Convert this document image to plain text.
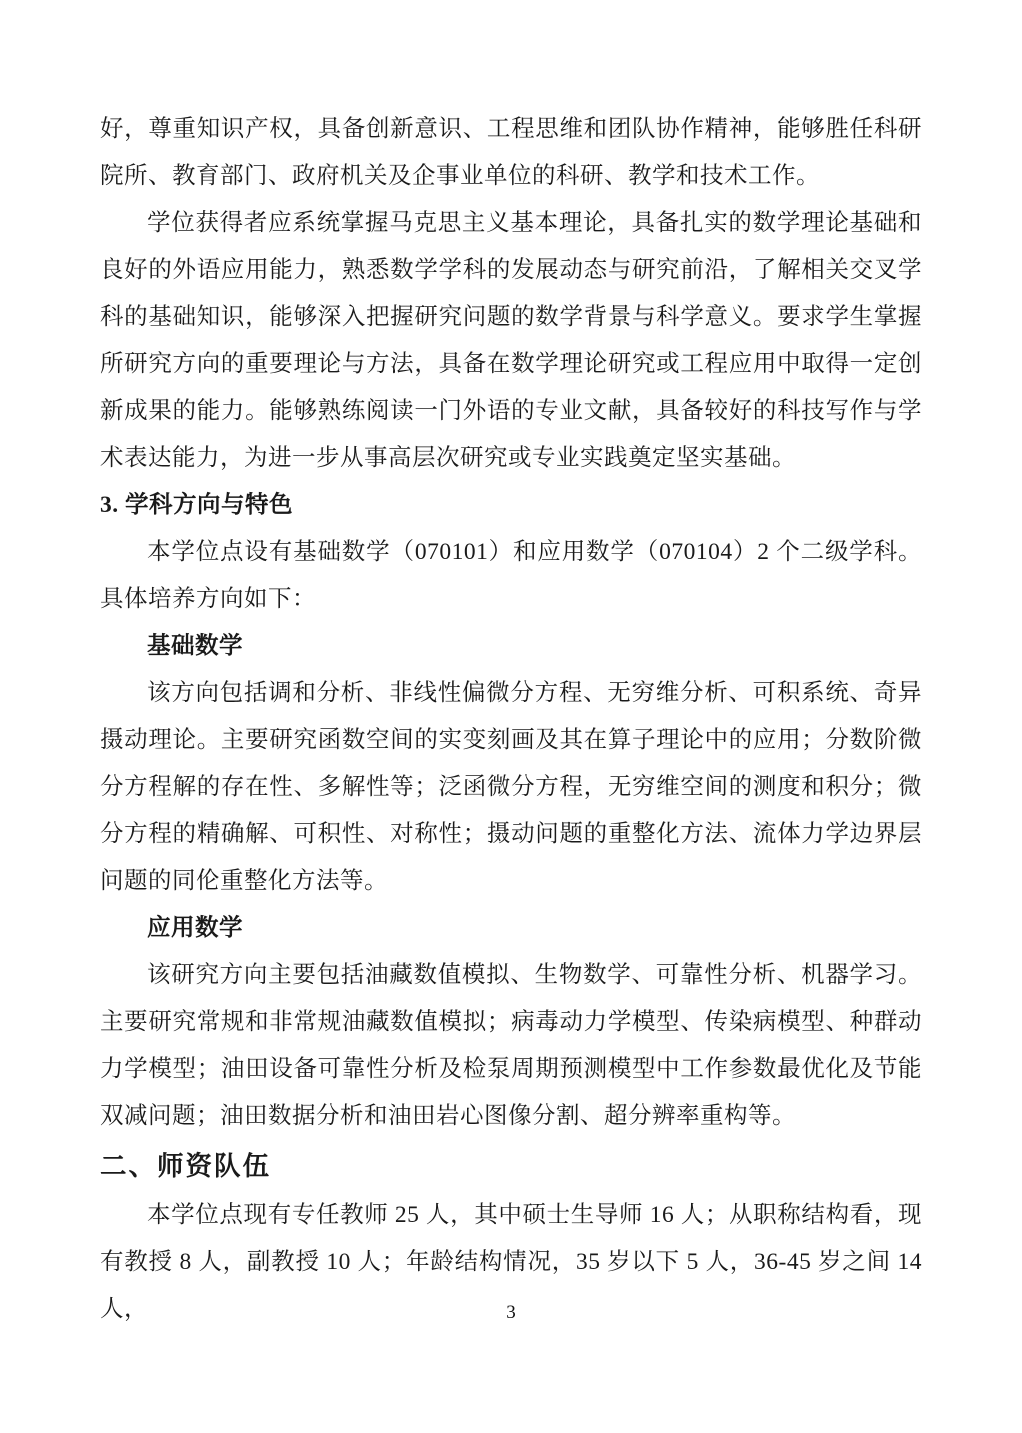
好，尊重知识产权，具备创新意识、工程思维和团队协作精神，能够胜任科研院所、教育部门、政府机关及企事业单位的科研、教学和技术工作。

学位获得者应系统掌握马克思主义基本理论，具备扎实的数学理论基础和良好的外语应用能力，熟悉数学学科的发展动态与研究前沿，了解相关交叉学科的基础知识，能够深入把握研究问题的数学背景与科学意义。要求学生掌握所研究方向的重要理论与方法，具备在数学理论研究或工程应用中取得一定创新成果的能力。能够熟练阅读一门外语的专业文献，具备较好的科技写作与学术表达能力，为进一步从事高层次研究或专业实践奠定坚实基础。

3. 学科方向与特色

本学位点设有基础数学（070101）和应用数学（070104）2 个二级学科。具体培养方向如下：

基础数学

该方向包括调和分析、非线性偏微分方程、无穷维分析、可积系统、奇异摄动理论。主要研究函数空间的实变刻画及其在算子理论中的应用；分数阶微分方程解的存在性、多解性等；泛函微分方程，无穷维空间的测度和积分；微分方程的精确解、可积性、对称性；摄动问题的重整化方法、流体力学边界层问题的同伦重整化方法等。

应用数学

该研究方向主要包括油藏数值模拟、生物数学、可靠性分析、机器学习。主要研究常规和非常规油藏数值模拟；病毒动力学模型、传染病模型、种群动力学模型；油田设备可靠性分析及检泵周期预测模型中工作参数最优化及节能双减问题；油田数据分析和油田岩心图像分割、超分辨率重构等。

二、师资队伍

本学位点现有专任教师 25 人，其中硕士生导师 16 人；从职称结构看，现有教授 8 人，副教授 10 人；年龄结构情况，35 岁以下 5 人，36-45 岁之间 14 人，	3
